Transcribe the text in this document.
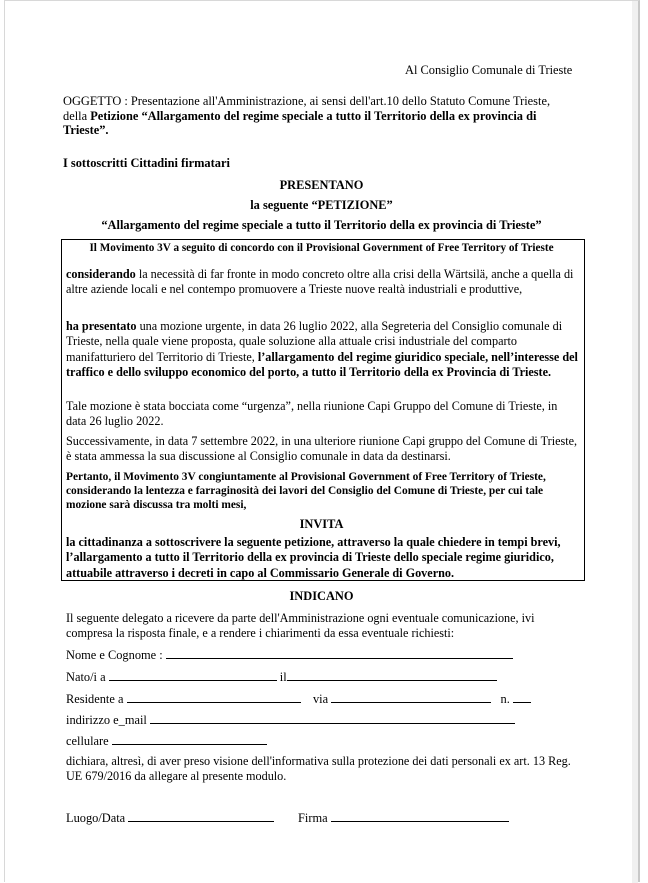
Al Consiglio Comunale di Trieste
OGGETTO : Presentazione all'Amministrazione, ai sensi dell'art.10 dello Statuto Comune Trieste,
della Petizione “Allargamento del regime speciale a tutto il Territorio della ex provincia di
Trieste”.
I sottoscritti Cittadini firmatari
PRESENTANO
la seguente “PETIZIONE”
“Allargamento del regime speciale a tutto il Territorio della ex provincia di Trieste”
Il Movimento 3V a seguito di concordo con il Provisional Government of Free Territory of Trieste
considerando la necessità di far fronte in modo concreto oltre alla crisi della Wärtsilä, anche a quella di altre aziende locali e nel contempo promuovere a Trieste nuove realtà industriali e produttive,
ha presentato una mozione urgente, in data 26 luglio 2022, alla Segreteria del Consiglio comunale di Trieste, nella quale viene proposta, quale soluzione alla attuale crisi industriale del comparto manifatturiero del Territorio di Trieste, l’allargamento del regime giuridico speciale, nell’interesse del traffico e dello sviluppo economico del porto, a tutto il Territorio della ex Provincia di Trieste.
Tale mozione è stata bocciata come “urgenza”, nella riunione Capi Gruppo del Comune di Trieste, in data 26 luglio 2022.
Successivamente, in data 7 settembre 2022, in una ulteriore riunione Capi gruppo del Comune di Trieste, è stata ammessa la sua discussione al Consiglio comunale in data da destinarsi.
Pertanto, il Movimento 3V congiuntamente al Provisional Government of Free Territory of Trieste, considerando la lentezza e farraginosità dei lavori del Consiglio del Comune di Trieste, per cui tale mozione sarà discussa tra molti mesi,
INVITA
la cittadinanza a sottoscrivere la seguente petizione, attraverso la quale chiedere in tempi brevi, l’allargamento a tutto il Territorio della ex provincia di Trieste dello speciale regime giuridico, attuabile attraverso i decreti in capo al Commissario Generale di Governo.
INDICANO
Il seguente delegato a ricevere da parte dell'Amministrazione ogni eventuale comunicazione, ivi compresa la risposta finale, e a rendere i chiarimenti da essa eventuale richiesti:
Nome e Cognome :
Nato/i a	il
Residente a	via	n.
indirizzo e_mail
cellulare
dichiara, altresì, di aver preso visione dell'informativa sulla protezione dei dati personali ex art. 13 Reg. UE 679/2016 da allegare al presente modulo.
Luogo/Data	Firma
